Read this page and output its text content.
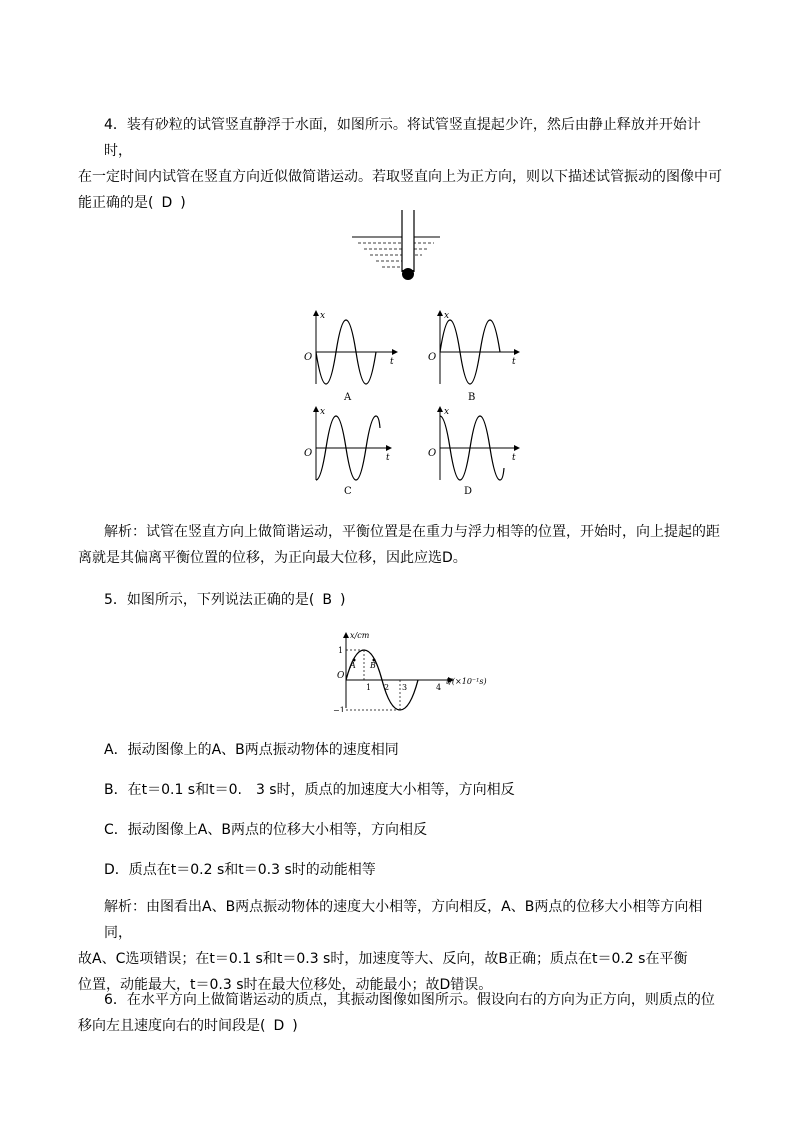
4．装有砂粒的试管竖直静浮于水面，如图所示。将试管竖直提起少许，然后由静止释放并开始计时，
在一定时间内试管在竖直方向近似做简谐运动。若取竖直向上为正方向，则以下描述试管振动的图像中可
能正确的是( D )
x
t
O
A
x
t
O
B
x
t
O
C
x
t
O
D
解析：试管在竖直方向上做简谐运动，平衡位置是在重力与浮力相等的位置，开始时，向上提起的距
离就是其偏离平衡位置的位移，为正向最大位移，因此应选D。
5．如图所示，下列说法正确的是( B )
x/cm
t/(×10⁻¹s)
O
1
−1
1 2 3	4
A B
A．振动图像上的A、B两点振动物体的速度相同
B．在t＝0.1 s和t＝0.　3 s时，质点的加速度大小相等，方向相反
C．振动图像上A、B两点的位移大小相等，方向相反
D．质点在t＝0.2 s和t＝0.3 s时的动能相等
解析：由图看出A、B两点振动物体的速度大小相等，方向相反，A、B两点的位移大小相等方向相同，
故A、C选项错误；在t＝0.1 s和t＝0.3 s时，加速度等大、反向，故B正确；质点在t＝0.2 s在平衡
位置，动能最大，t＝0.3 s时在最大位移处，动能最小；故D错误。
6．在水平方向上做简谐运动的质点，其振动图像如图所示。假设向右的方向为正方向，则质点的位
移向左且速度向右的时间段是( D )
